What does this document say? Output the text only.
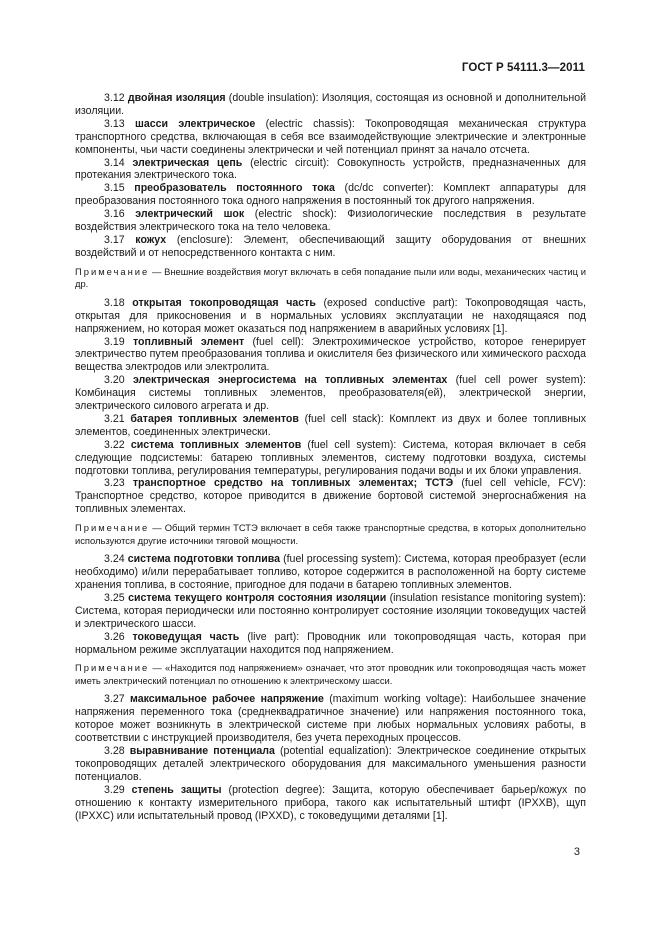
ГОСТ Р 54111.3—2011

3.12 двойная изоляция (double insulation): Изоляция, состоящая из основной и дополнительной изоляции.

3.13 шасси электрическое (electric chassis): Токопроводящая механическая структура транспортного средства, включающая в себя все взаимодействующие электрические и электронные компоненты, чьи части соединены электрически и чей потенциал принят за начало отсчета.

3.14 электрическая цепь (electric circuit): Совокупность устройств, предназначенных для протекания электрического тока.

3.15 преобразователь постоянного тока (dc/dc converter): Комплект аппаратуры для преобразования постоянного тока одного напряжения в постоянный ток другого напряжения.

3.16 электрический шок (electric shock): Физиологические последствия в результате воздействия электрического тока на тело человека.

3.17 кожух (enclosure): Элемент, обеспечивающий защиту оборудования от внешних воздействий и от непосредственного контакта с ним.

Примечание — Внешние воздействия могут включать в себя попадание пыли или воды, механических частиц и др.

3.18 открытая токопроводящая часть (exposed conductive part): Токопроводящая часть, открытая для прикосновения и в нормальных условиях эксплуатации не находящаяся под напряжением, но которая может оказаться под напряжением в аварийных условиях [1].

3.19 топливный элемент (fuel cell): Электрохимическое устройство, которое генерирует электричество путем преобразования топлива и окислителя без физического или химического расхода вещества электродов или электролита.

3.20 электрическая энергосистема на топливных элементах (fuel cell power system): Комбинация системы топливных элементов, преобразователя(ей), электрической энергии, электрического силового агрегата и др.

3.21 батарея топливных элементов (fuel cell stack): Комплект из двух и более топливных элементов, соединенных электрически.

3.22 система топливных элементов (fuel cell system): Система, которая включает в себя следующие подсистемы: батарею топливных элементов, систему подготовки воздуха, системы подготовки топлива, регулирования температуры, регулирования подачи воды и их блоки управления.

3.23 транспортное средство на топливных элементах; ТСТЭ (fuel cell vehicle, FCV): Транспортное средство, которое приводится в движение бортовой системой энергоснабжения на топливных элементах.

Примечание — Общий термин ТСТЭ включает в себя также транспортные средства, в которых дополнительно используются другие источники тяговой мощности.

3.24 система подготовки топлива (fuel processing system): Система, которая преобразует (если необходимо) и/или перерабатывает топливо, которое содержится в расположенной на борту системе хранения топлива, в состояние, пригодное для подачи в батарею топливных элементов.

3.25 система текущего контроля состояния изоляции (insulation resistance monitoring system): Система, которая периодически или постоянно контролирует состояние изоляции токоведущих частей и электрического шасси.

3.26 токоведущая часть (live part): Проводник или токопроводящая часть, которая при нормальном режиме эксплуатации находится под напряжением.

Примечание — «Находится под напряжением» означает, что этот проводник или токопроводящая часть может иметь электрический потенциал по отношению к электрическому шасси.

3.27 максимальное рабочее напряжение (maximum working voltage): Наибольшее значение напряжения переменного тока (среднеквадратичное значение) или напряжения постоянного тока, которое может возникнуть в электрической системе при любых нормальных условиях работы, в соответствии с инструкцией производителя, без учета переходных процессов.

3.28 выравнивание потенциала (potential equalization): Электрическое соединение открытых токопроводящих деталей электрического оборудования для максимального уменьшения разности потенциалов.

3.29 степень защиты (protection degree): Защита, которую обеспечивает барьер/кожух по отношению к контакту измерительного прибора, такого как испытательный штифт (IPXXB), щуп (IPXXC) или испытательный провод (IPXXD), с токоведущими деталями [1].

3
